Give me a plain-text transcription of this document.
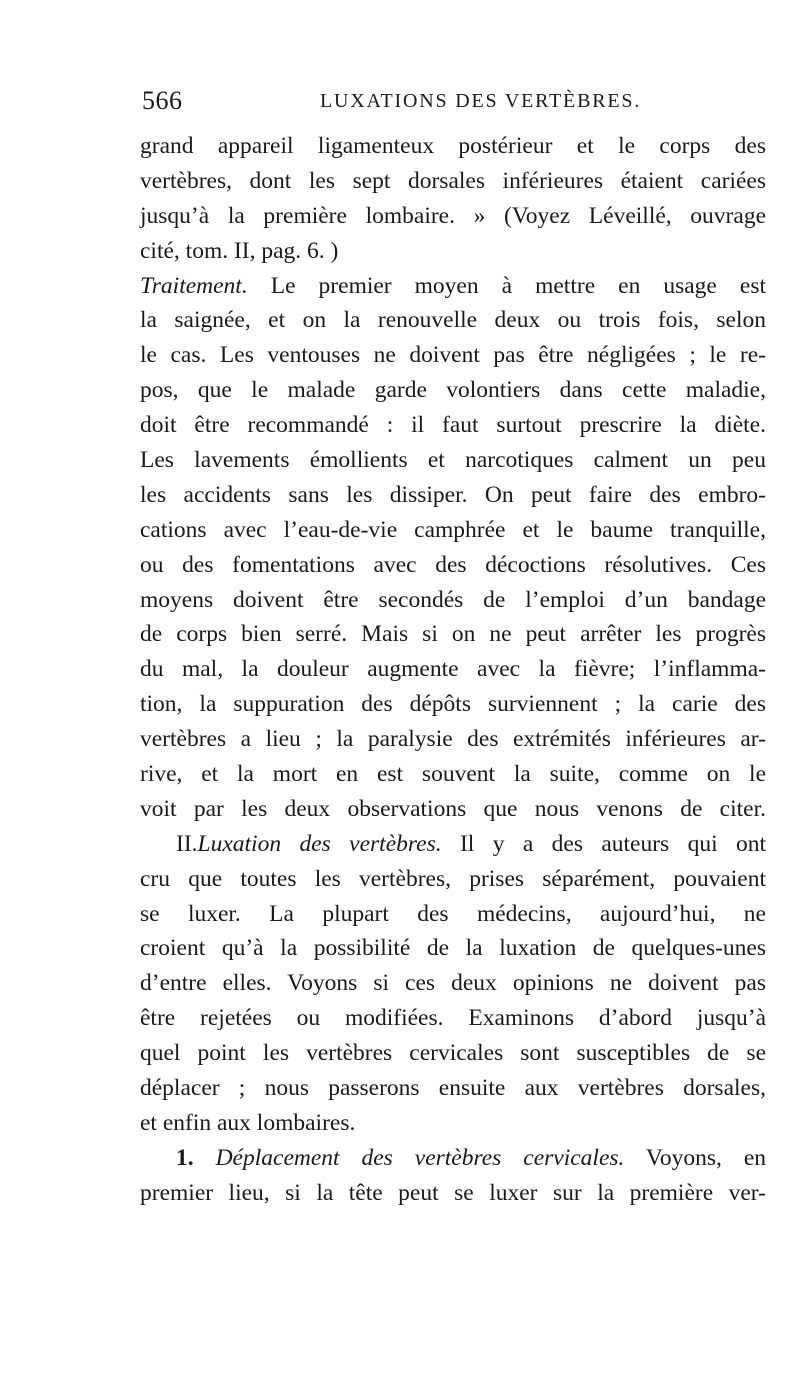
566	LUXATIONS DES VERTÈBRES.
grand appareil ligamenteux postérieur et le corps des
vertèbres, dont les sept dorsales inférieures étaient cariées
jusqu’à la première lombaire. » (Voyez Léveillé, ouvrage
cité, tom. II, pag. 6. )
Traitement. Le premier moyen à mettre en usage est
la saignée, et on la renouvelle deux ou trois fois, selon
le cas. Les ventouses ne doivent pas être négligées ; le re-
pos, que le malade garde volontiers dans cette maladie,
doit être recommandé : il faut surtout prescrire la diète.
Les lavements émollients et narcotiques calment un peu
les accidents sans les dissiper. On peut faire des embro-
cations avec l’eau-de-vie camphrée et le baume tranquille,
ou des fomentations avec des décoctions résolutives. Ces
moyens doivent être secondés de l’emploi d’un bandage
de corps bien serré. Mais si on ne peut arrêter les progrès
du mal, la douleur augmente avec la fièvre; l’inflamma-
tion, la suppuration des dépôts surviennent ; la carie des
vertèbres a lieu ; la paralysie des extrémités inférieures ar-
rive, et la mort en est souvent la suite, comme on le
voit par les deux observations que nous venons de citer.
II.Luxation des vertèbres. Il y a des auteurs qui ont
cru que toutes les vertèbres, prises séparément, pouvaient
se luxer. La plupart des médecins, aujourd’hui, ne
croient qu’à la possibilité de la luxation de quelques-unes
d’entre elles. Voyons si ces deux opinions ne doivent pas
être rejetées ou modifiées. Examinons d’abord jusqu’à
quel point les vertèbres cervicales sont susceptibles de se
déplacer ; nous passerons ensuite aux vertèbres dorsales,
et enfin aux lombaires.
1. Déplacement des vertèbres cervicales. Voyons, en
premier lieu, si la tête peut se luxer sur la première ver-
